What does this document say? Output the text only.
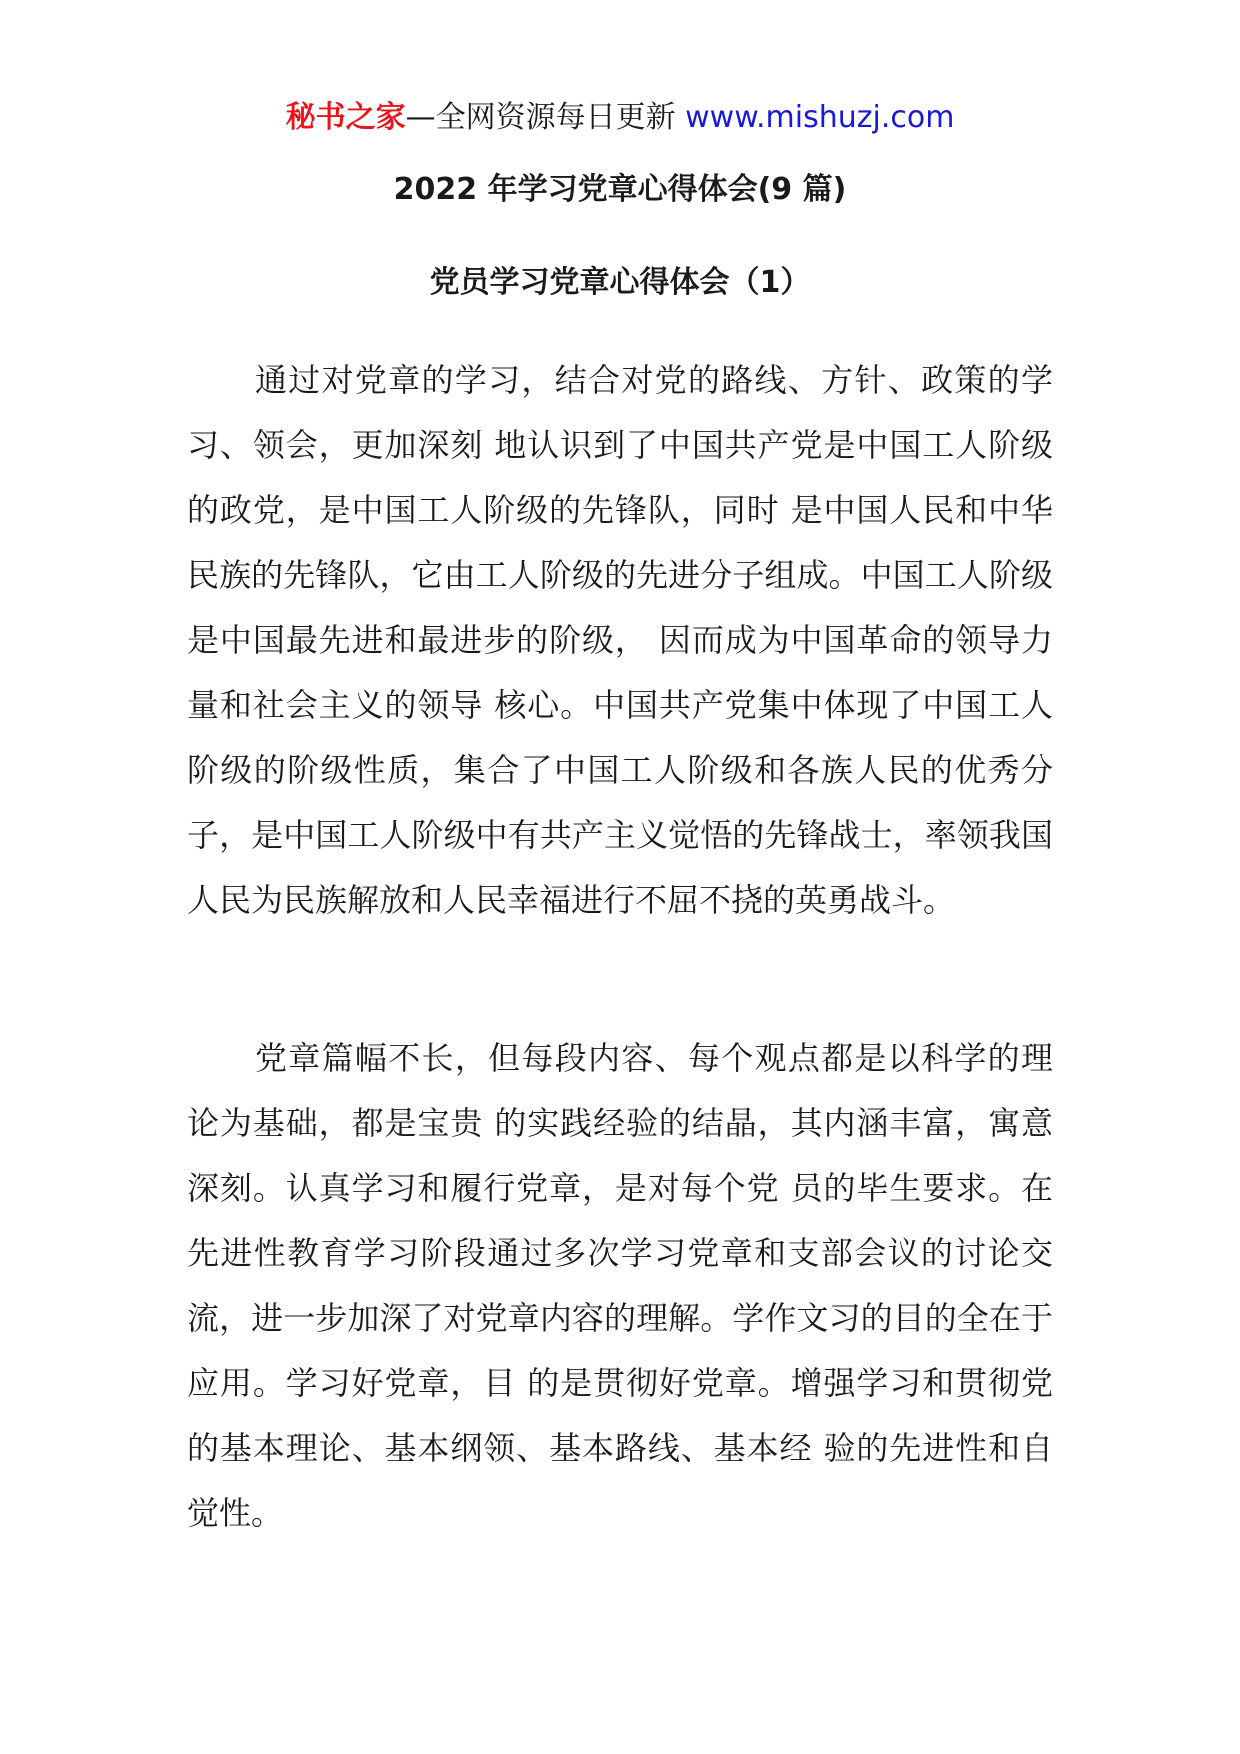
秘书之家—全网资源每日更新 www.mishuzj.com
2022 年学习党章心得体会(9 篇)
党员学习党章心得体会（1）

通过对党章的学习，结合对党的路线、方针、政策的学习、领会，更加深刻 地认识到了中国共产党是中国工人阶级的政党，是中国工人阶级的先锋队，同时 是中国人民和中华民族的先锋队，它由工人阶级的先进分子组成。中国工人阶级 是中国最先进和最进步的阶级， 因而成为中国革命的领导力量和社会主义的领导 核心。中国共产党集中体现了中国工人阶级的阶级性质，集合了中国工人阶级和各族人民的优秀分子，是中国工人阶级中有共产主义觉悟的先锋战士，率领我国 人民为民族解放和人民幸福进行不屈不挠的英勇战斗。

党章篇幅不长，但每段内容、每个观点都是以科学的理论为基础，都是宝贵 的实践经验的结晶，其内涵丰富，寓意深刻。认真学习和履行党章，是对每个党 员的毕生要求。在先进性教育学习阶段通过多次学习党章和支部会议的讨论交 流，进一步加深了对党章内容的理解。学作文习的目的全在于应用。学习好党章，目 的是贯彻好党章。增强学习和贯彻党的基本理论、基本纲领、基本路线、基本经 验的先进性和自觉性。
